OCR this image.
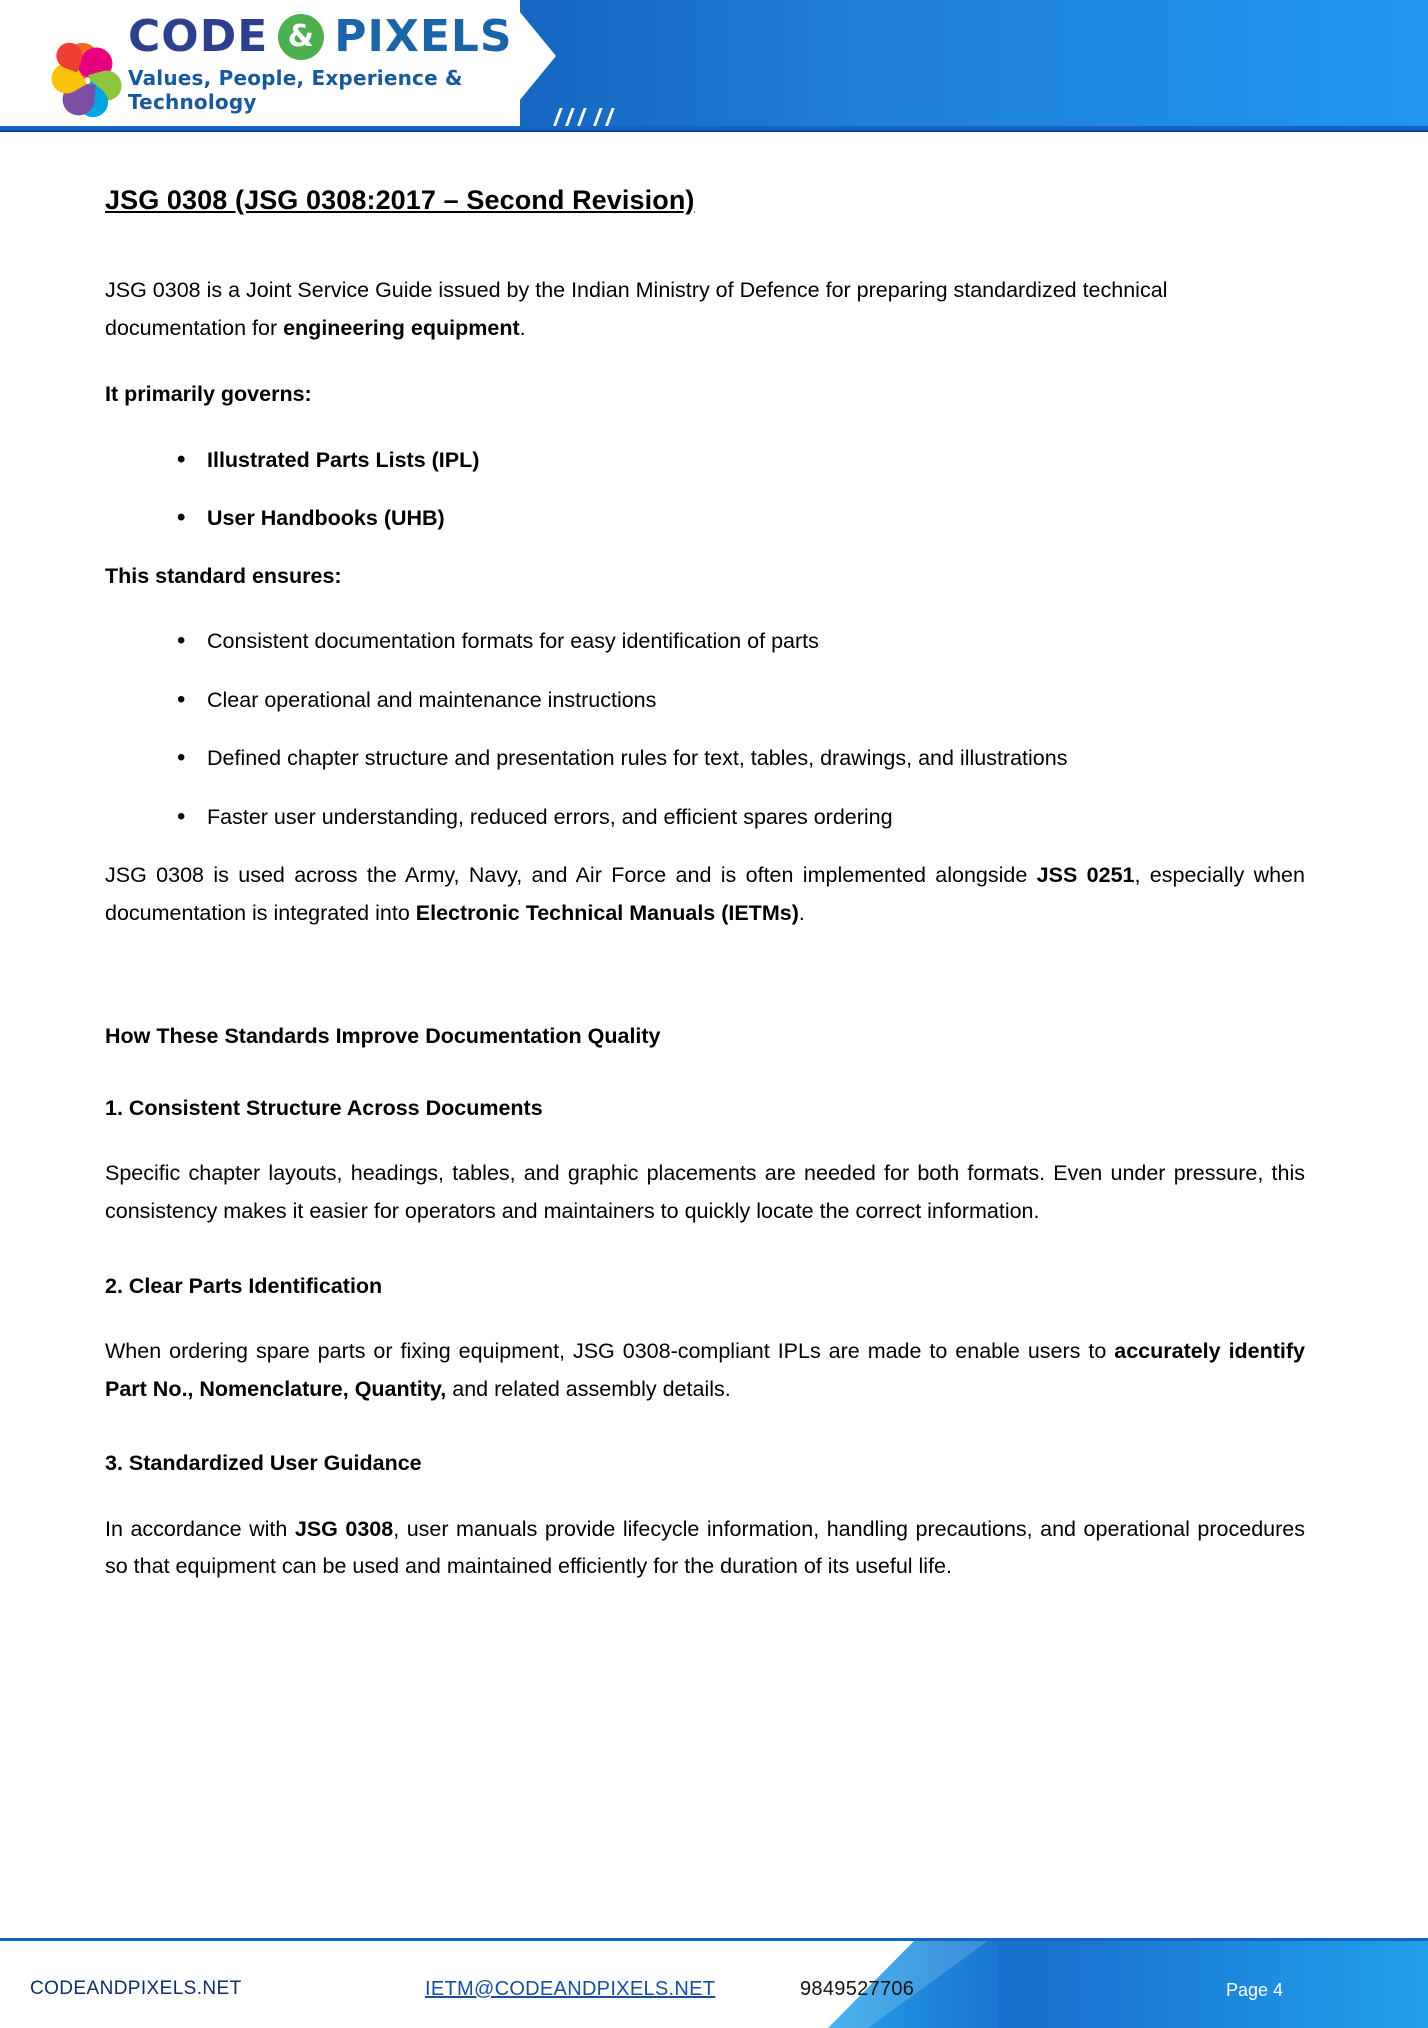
CODE & PIXELS
Values, People, Experience & Technology
JSG 0308 (JSG 0308:2017 – Second Revision)

JSG 0308 is a Joint Service Guide issued by the Indian Ministry of Defence for preparing standardized technical documentation for engineering equipment.

It primarily governs:
• Illustrated Parts Lists (IPL)
• User Handbooks (UHB)
This standard ensures:
• Consistent documentation formats for easy identification of parts
• Clear operational and maintenance instructions
• Defined chapter structure and presentation rules for text, tables, drawings, and illustrations
• Faster user understanding, reduced errors, and efficient spares ordering

JSG 0308 is used across the Army, Navy, and Air Force and is often implemented alongside JSS 0251, especially when documentation is integrated into Electronic Technical Manuals (IETMs).

How These Standards Improve Documentation Quality
1. Consistent Structure Across Documents

Specific chapter layouts, headings, tables, and graphic placements are needed for both formats. Even under pressure, this consistency makes it easier for operators and maintainers to quickly locate the correct information.

2. Clear Parts Identification

When ordering spare parts or fixing equipment, JSG 0308-compliant IPLs are made to enable users to accurately identify Part No., Nomenclature, Quantity, and related assembly details.

3. Standardized User Guidance

In accordance with JSG 0308, user manuals provide lifecycle information, handling precautions, and operational procedures so that equipment can be used and maintained efficiently for the duration of its useful life.

CODEANDPIXELS.NET	IETM@CODEANDPIXELS.NET	9849527706	Page 4
